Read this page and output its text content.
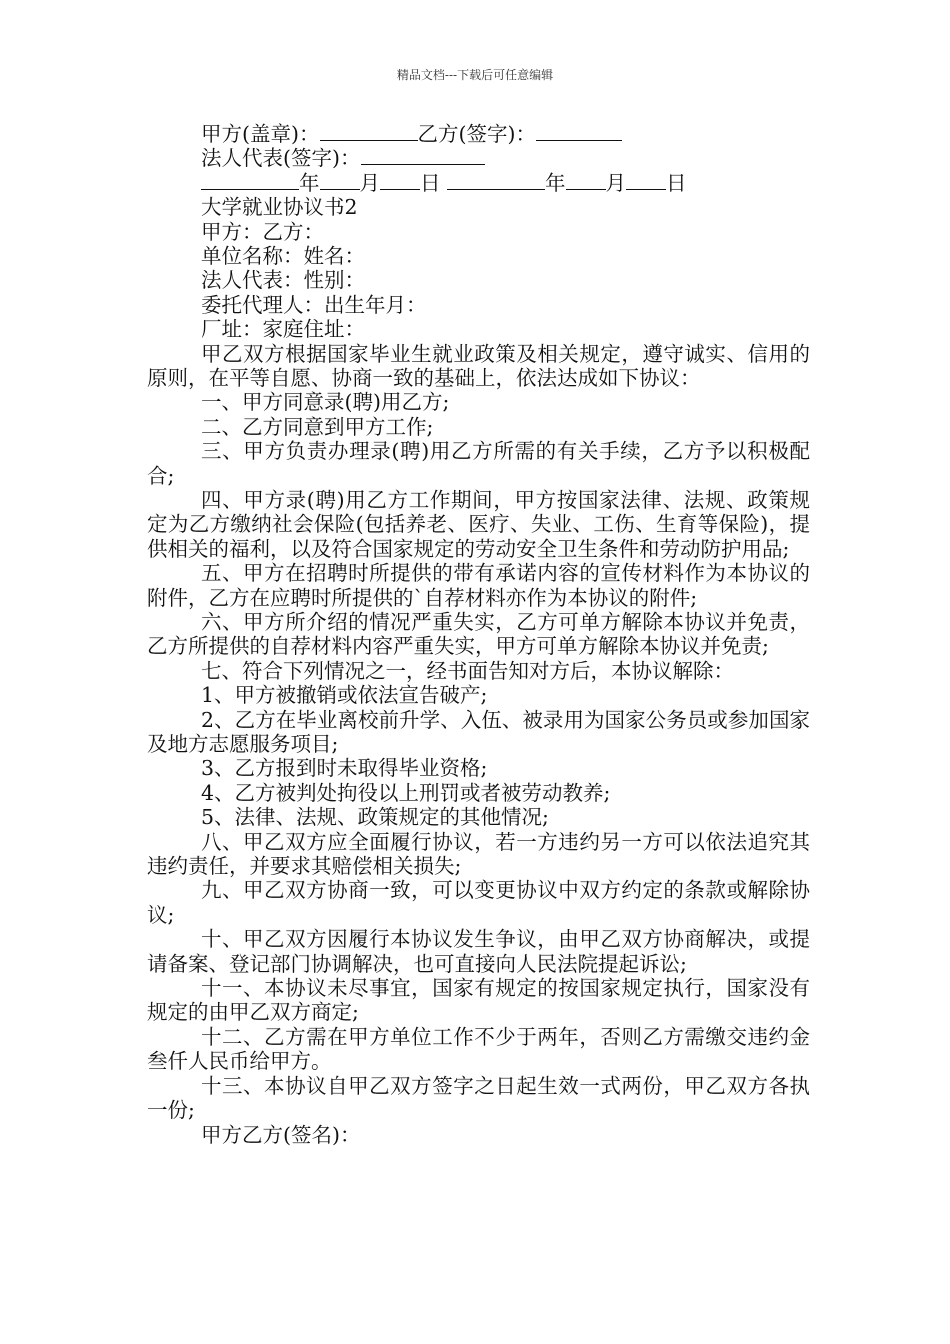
精品文档---下载后可任意编辑
甲方(盖章)：	乙方(签字)：
法人代表(签字)：
年 月 日	年 月 日
大学就业协议书2
甲方：乙方：
单位名称：姓名：
法人代表：性别：
委托代理人：出生年月：
厂址：家庭住址：

甲乙双方根据国家毕业生就业政策及相关规定，遵守诚实、信用的原则，在平等自愿、协商一致的基础上，依法达成如下协议：

一、甲方同意录(聘)用乙方;

二、乙方同意到甲方工作;

三、甲方负责办理录(聘)用乙方所需的有关手续，乙方予以积极配合;

四、甲方录(聘)用乙方工作期间，甲方按国家法律、法规、政策规定为乙方缴纳社会保险(包括养老、医疗、失业、工伤、生育等保险)，提供相关的福利，以及符合国家规定的劳动安全卫生条件和劳动防护用品;

五、甲方在招聘时所提供的带有承诺内容的宣传材料作为本协议的附件，乙方在应聘时所提供的`自荐材料亦作为本协议的附件;

六、甲方所介绍的情况严重失实，乙方可单方解除本协议并免责，乙方所提供的自荐材料内容严重失实，甲方可单方解除本协议并免责;

七、符合下列情况之一，经书面告知对方后，本协议解除：

1、甲方被撤销或依法宣告破产;

2、乙方在毕业离校前升学、入伍、被录用为国家公务员或参加国家及地方志愿服务项目;

3、乙方报到时未取得毕业资格;

4、乙方被判处拘役以上刑罚或者被劳动教养;

5、法律、法规、政策规定的其他情况;

八、甲乙双方应全面履行协议，若一方违约另一方可以依法追究其违约责任，并要求其赔偿相关损失;

九、甲乙双方协商一致，可以变更协议中双方约定的条款或解除协议;

十、甲乙双方因履行本协议发生争议，由甲乙双方协商解决，或提请备案、登记部门协调解决，也可直接向人民法院提起诉讼;

十一、本协议未尽事宜，国家有规定的按国家规定执行，国家没有规定的由甲乙双方商定;

十二、乙方需在甲方单位工作不少于两年，否则乙方需缴交违约金叁仟人民币给甲方。

十三、本协议自甲乙双方签字之日起生效一式两份，甲乙双方各执一份;

甲方乙方(签名)：
